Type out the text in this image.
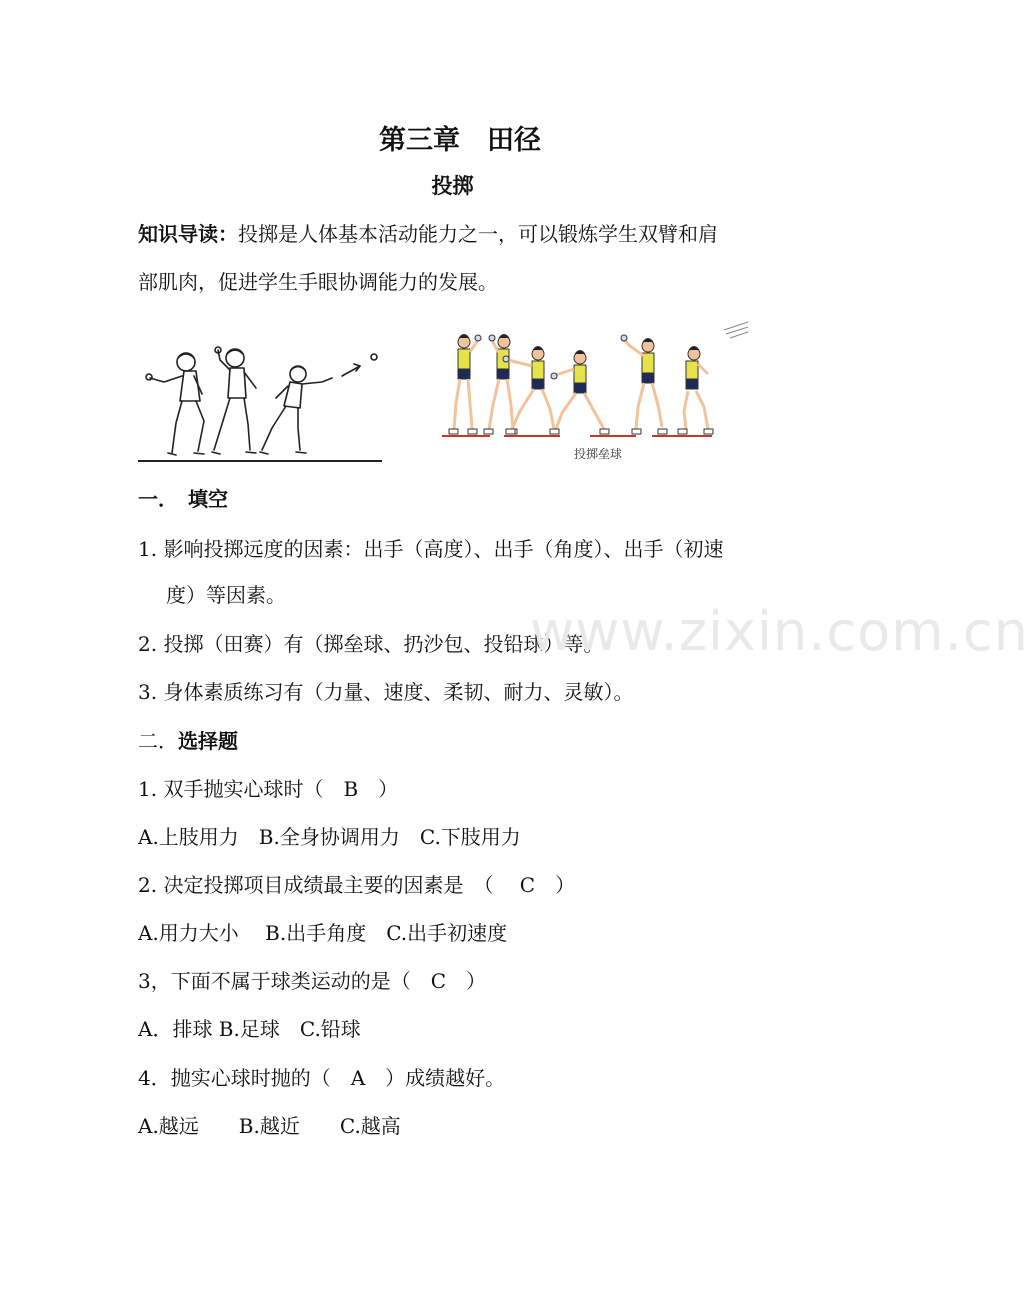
第三章　田径
投掷
知识导读：投掷是人体基本活动能力之一，可以锻炼学生双臂和肩
部肌肉，促进学生手眼协调能力的发展。
投掷垒球
一．　填空
1. 影响投掷远度的因素：出手（高度）、出手（角度）、出手（初速
度）等因素。
2. 投掷（田赛）有（掷垒球、扔沙包、投铅球）等。
3. 身体素质练习有（力量、速度、柔韧、耐力、灵敏）。
二．选择题
1. 双手抛实心球时（　B　）
A.上肢用力　B.全身协调用力　C.下肢用力
2. 决定投掷项目成绩最主要的因素是　（　 C　）
A.用力大小　 B.出手角度　C.出手初速度
3，下面不属于球类运动的是（　C　）
A．排球 B.足球　C.铅球
4．抛实心球时抛的（　A　）成绩越好。
A.越远　　B.越近　　C.越高
www.zixin.com.cn
